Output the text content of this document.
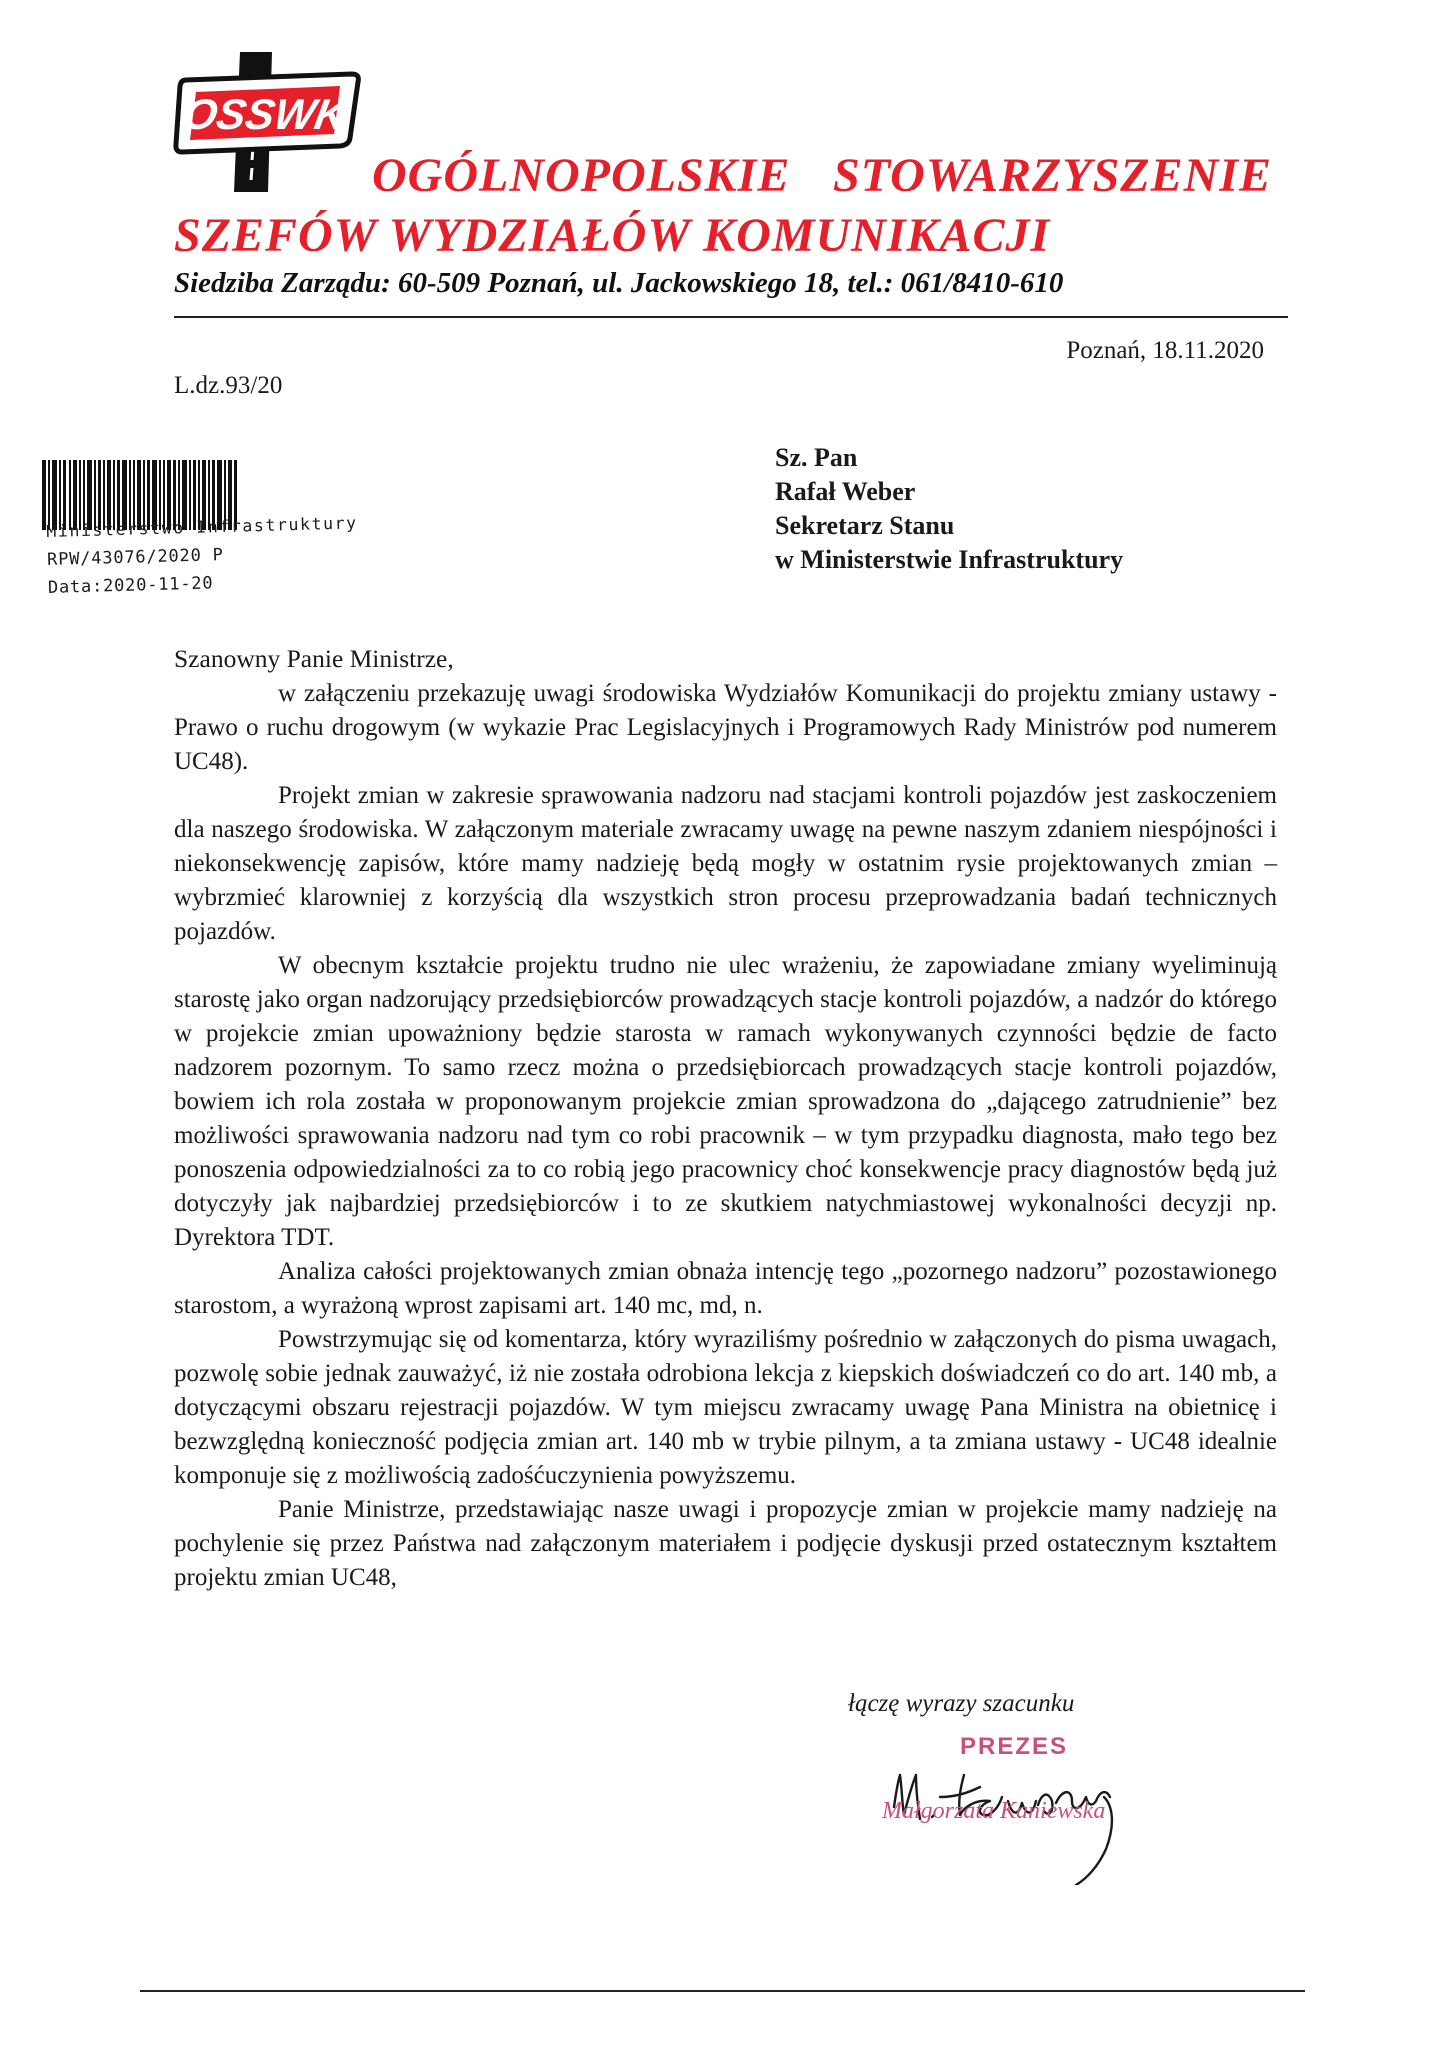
OSSWK
OGÓLNOPOLSKIE STOWARZYSZENIE
SZEFÓW WYDZIAŁÓW KOMUNIKACJI
Siedziba Zarządu: 60-509 Poznań, ul. Jackowskiego 18, tel.: 061/8410-610
Poznań, 18.11.2020
L.dz.93/20
Ministerstwo Infrastruktury
RPW/43076/2020 P
Data:2020-11-20
Sz. Pan
Rafał Weber
Sekretarz Stanu
w Ministerstwie Infrastruktury
Szanowny Panie Ministrze,

w załączeniu przekazuję uwagi środowiska Wydziałów Komunikacji do projektu zmiany ustawy - Prawo o ruchu drogowym (w wykazie Prac Legislacyjnych i Programowych Rady Ministrów pod numerem UC48).

Projekt zmian w zakresie sprawowania nadzoru nad stacjami kontroli pojazdów jest zaskoczeniem dla naszego środowiska. W załączonym materiale zwracamy uwagę na pewne naszym zdaniem niespójności i niekonsekwencję zapisów, które mamy nadzieję będą mogły w ostatnim rysie projektowanych zmian – wybrzmieć klarowniej z korzyścią dla wszystkich stron procesu przeprowadzania badań technicznych pojazdów.

W obecnym kształcie projektu trudno nie ulec wrażeniu, że zapowiadane zmiany wyeliminują starostę jako organ nadzorujący przedsiębiorców prowadzących stacje kontroli pojazdów, a nadzór do którego w projekcie zmian upoważniony będzie starosta w ramach wykonywanych czynności będzie de facto nadzorem pozornym. To samo rzecz można o przedsiębiorcach prowadzących stacje kontroli pojazdów, bowiem ich rola została w proponowanym projekcie zmian sprowadzona do „dającego zatrudnienie” bez możliwości sprawowania nadzoru nad tym co robi pracownik – w tym przypadku diagnosta, mało tego bez ponoszenia odpowiedzialności za to co robią jego pracownicy choć konsekwencje pracy diagnostów będą już dotyczyły jak najbardziej przedsiębiorców i to ze skutkiem natychmiastowej wykonalności decyzji np. Dyrektora TDT.

Analiza całości projektowanych zmian obnaża intencję tego „pozornego nadzoru” pozostawionego starostom, a wyrażoną wprost zapisami art. 140 mc, md, n.

Powstrzymując się od komentarza, który wyraziliśmy pośrednio w załączonych do pisma uwagach, pozwolę sobie jednak zauważyć, iż nie została odrobiona lekcja z kiepskich doświadczeń co do art. 140 mb, a dotyczącymi obszaru rejestracji pojazdów. W tym miejscu zwracamy uwagę Pana Ministra na obietnicę i bezwzględną konieczność podjęcia zmian art. 140 mb w trybie pilnym, a ta zmiana ustawy - UC48 idealnie komponuje się z możliwością zadośćuczynienia powyższemu.

Panie Ministrze, przedstawiając nasze uwagi i propozycje zmian w projekcie mamy nadzieję na pochylenie się przez Państwa nad załączonym materiałem i podjęcie dyskusji przed ostatecznym kształtem projektu zmian UC48,

łączę wyrazy szacunku
PREZES
Małgorzata Kaniewska
